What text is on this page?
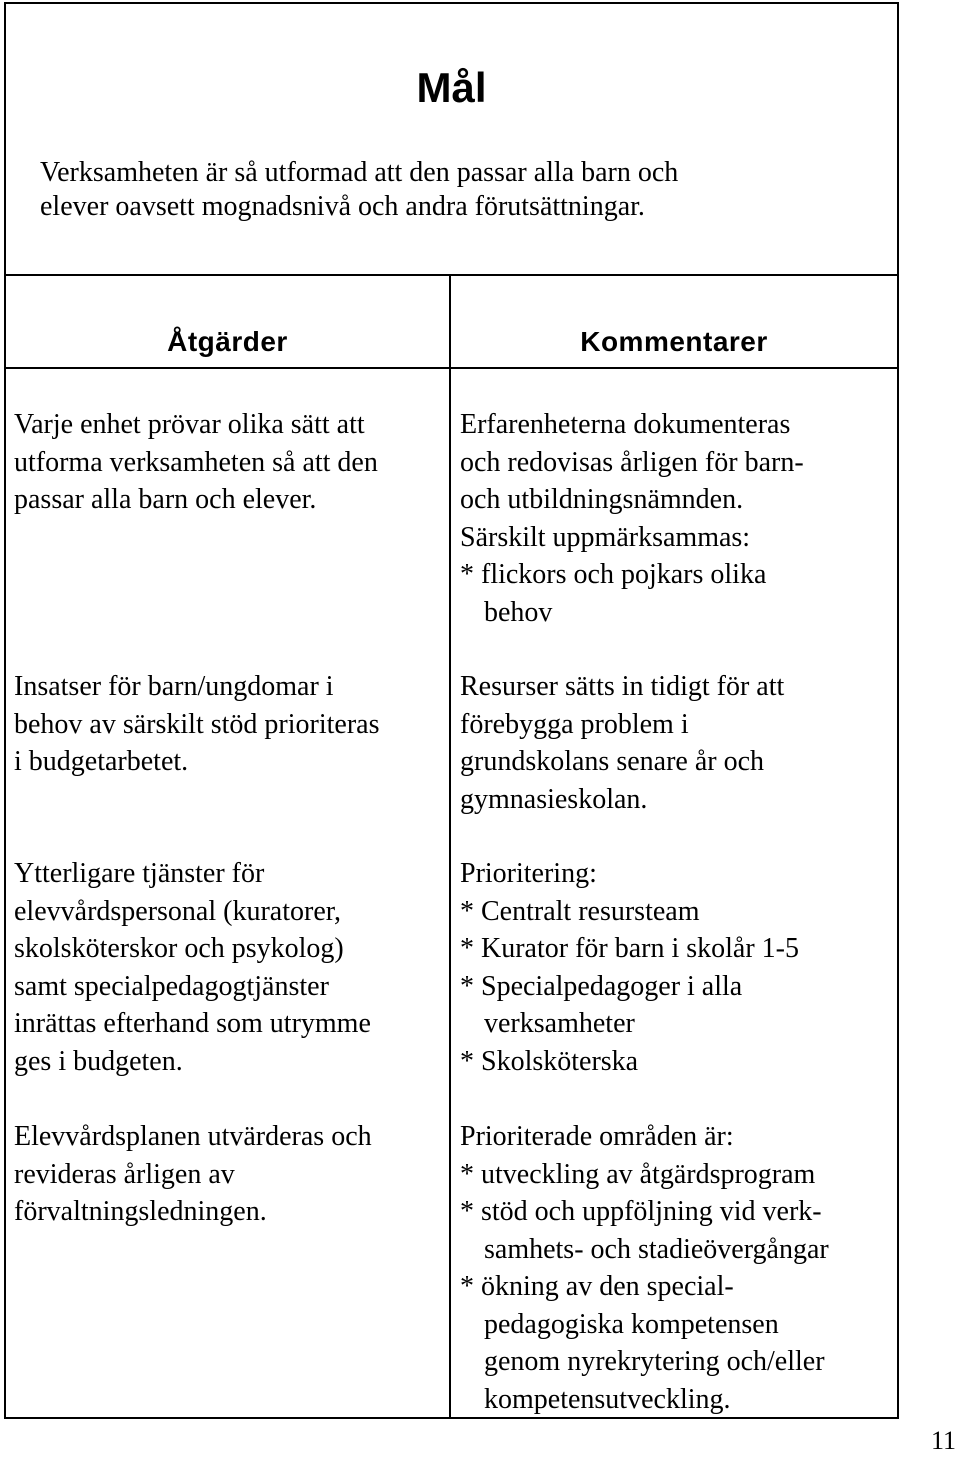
Mål
Verksamheten är så utformad att den passar alla barn och
elever oavsett mognadsnivå och andra förutsättningar.
Åtgärder	Kommentarer
Varje enhet prövar olika sätt att
utforma verksamheten så att den
passar alla barn och elever.
Insatser för barn/ungdomar i
behov av särskilt stöd prioriteras
i budgetarbetet.
Ytterligare tjänster för
elevvårdspersonal (kuratorer,
skolsköterskor och psykolog)
samt specialpedagogtjänster
inrättas efterhand som utrymme
ges i budgeten.
Elevvårdsplanen utvärderas och
revideras årligen av
förvaltningsledningen.
Erfarenheterna dokumenteras
och redovisas årligen för barn-
och utbildningsnämnden.
Särskilt uppmärksammas:
* flickors och pojkars olika
behov
Resurser sätts in tidigt för att
förebygga problem i
grundskolans senare år och
gymnasieskolan.
Prioritering:
* Centralt resursteam
* Kurator för barn i skolår 1-5
* Specialpedagoger i alla
verksamheter
* Skolsköterska
Prioriterade områden är:
* utveckling av åtgärdsprogram
* stöd och uppföljning vid verk-
samhets- och stadieövergångar
* ökning av den special-
pedagogiska kompetensen
genom nyrekrytering och/eller
kompetensutveckling.
11
